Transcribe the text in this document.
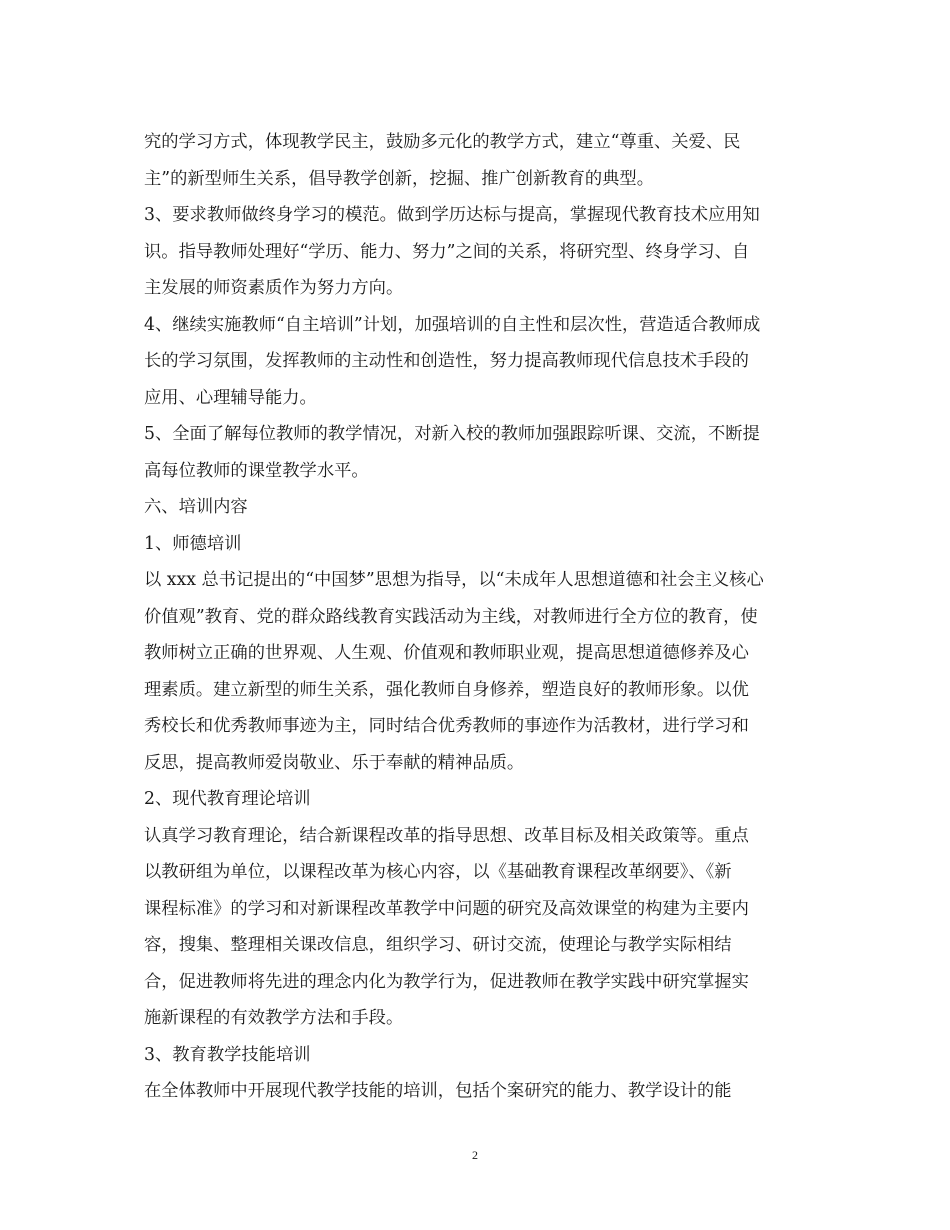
究的学习方式，体现教学民主，鼓励多元化的教学方式，建立“尊重、关爱、民
主”的新型师生关系，倡导教学创新，挖掘、推广创新教育的典型。
3、要求教师做终身学习的模范。做到学历达标与提高，掌握现代教育技术应用知
识。指导教师处理好“学历、能力、努力”之间的关系，将研究型、终身学习、自
主发展的师资素质作为努力方向。
4、继续实施教师“自主培训”计划，加强培训的自主性和层次性，营造适合教师成
长的学习氛围，发挥教师的主动性和创造性，努力提高教师现代信息技术手段的
应用、心理辅导能力。
5、全面了解每位教师的教学情况，对新入校的教师加强跟踪听课、交流，不断提
高每位教师的课堂教学水平。
六、培训内容
1、师德培训
以 xxx 总书记提出的“中国梦”思想为指导，以“未成年人思想道德和社会主义核心
价值观”教育、党的群众路线教育实践活动为主线，对教师进行全方位的教育，使
教师树立正确的世界观、人生观、价值观和教师职业观，提高思想道德修养及心
理素质。建立新型的师生关系，强化教师自身修养，塑造良好的教师形象。以优
秀校长和优秀教师事迹为主，同时结合优秀教师的事迹作为活教材，进行学习和
反思，提高教师爱岗敬业、乐于奉献的精神品质。
2、现代教育理论培训
认真学习教育理论，结合新课程改革的指导思想、改革目标及相关政策等。重点
以教研组为单位，以课程改革为核心内容，以《基础教育课程改革纲要》、《新
课程标准》的学习和对新课程改革教学中问题的研究及高效课堂的构建为主要内
容，搜集、整理相关课改信息，组织学习、研讨交流，使理论与教学实际相结
合，促进教师将先进的理念内化为教学行为，促进教师在教学实践中研究掌握实
施新课程的有效教学方法和手段。
3、教育教学技能培训
在全体教师中开展现代教学技能的培训，包括个案研究的能力、教学设计的能
2
